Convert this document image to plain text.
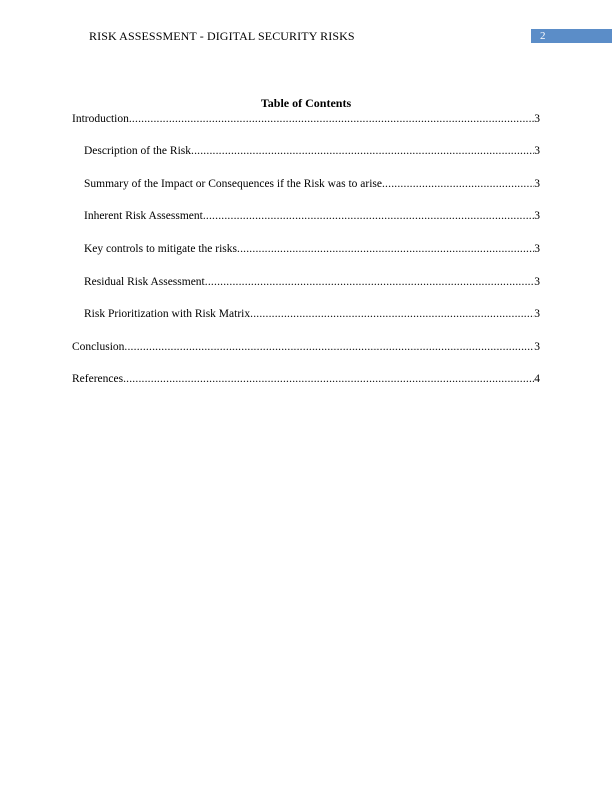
RISK ASSESSMENT - DIGITAL SECURITY RISKS	2
Table of Contents
Introduction .....	3
Description of the Risk .....	3
Summary of the Impact or Consequences if the Risk was to arise .....	3
Inherent Risk Assessment .....	3
Key controls to mitigate the risks .....	3
Residual Risk Assessment .....	3
Risk Prioritization with Risk Matrix .....	3
Conclusion .....	3
References .....	4
